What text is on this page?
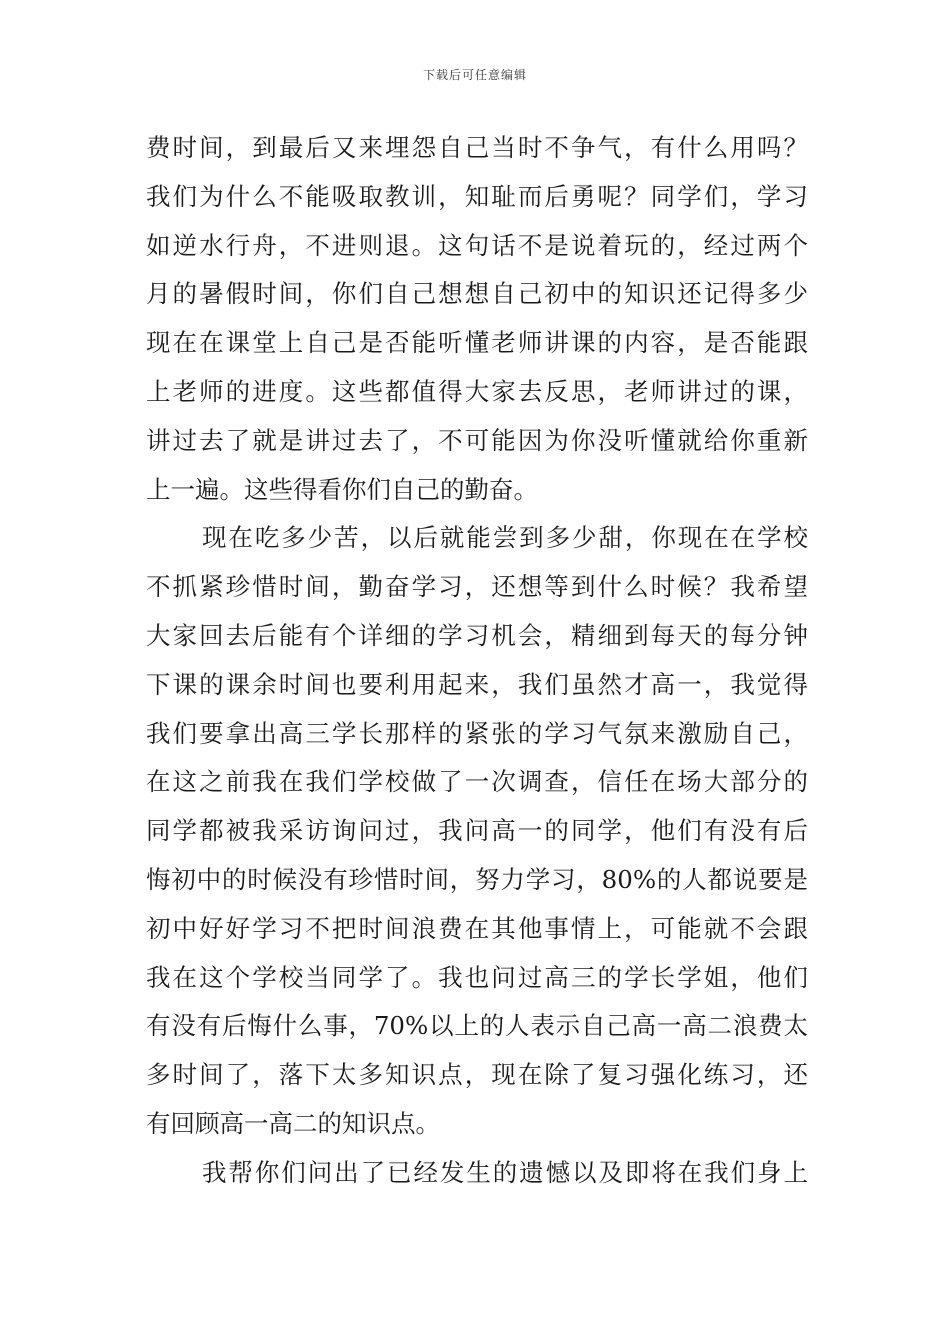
下载后可任意编辑
费时间，到最后又来埋怨自己当时不争气，有什么用吗？
我们为什么不能吸取教训，知耻而后勇呢？同学们，学习
如逆水行舟，不进则退。这句话不是说着玩的，经过两个
月的暑假时间，你们自己想想自己初中的知识还记得多少
现在在课堂上自己是否能听懂老师讲课的内容，是否能跟
上老师的进度。这些都值得大家去反思，老师讲过的课，
讲过去了就是讲过去了，不可能因为你没听懂就给你重新
上一遍。这些得看你们自己的勤奋。
现在吃多少苦，以后就能尝到多少甜，你现在在学校
不抓紧珍惜时间，勤奋学习，还想等到什么时候？我希望
大家回去后能有个详细的学习机会，精细到每天的每分钟
下课的课余时间也要利用起来，我们虽然才高一，我觉得
我们要拿出高三学长那样的紧张的学习气氛来激励自己，
在这之前我在我们学校做了一次调查，信任在场大部分的
同学都被我采访询问过，我问高一的同学，他们有没有后
悔初中的时候没有珍惜时间，努力学习，80%的人都说要是
初中好好学习不把时间浪费在其他事情上，可能就不会跟
我在这个学校当同学了。我也问过高三的学长学姐，他们
有没有后悔什么事，70%以上的人表示自己高一高二浪费太
多时间了，落下太多知识点，现在除了复习强化练习，还
有回顾高一高二的知识点。
我帮你们问出了已经发生的遗憾以及即将在我们身上
